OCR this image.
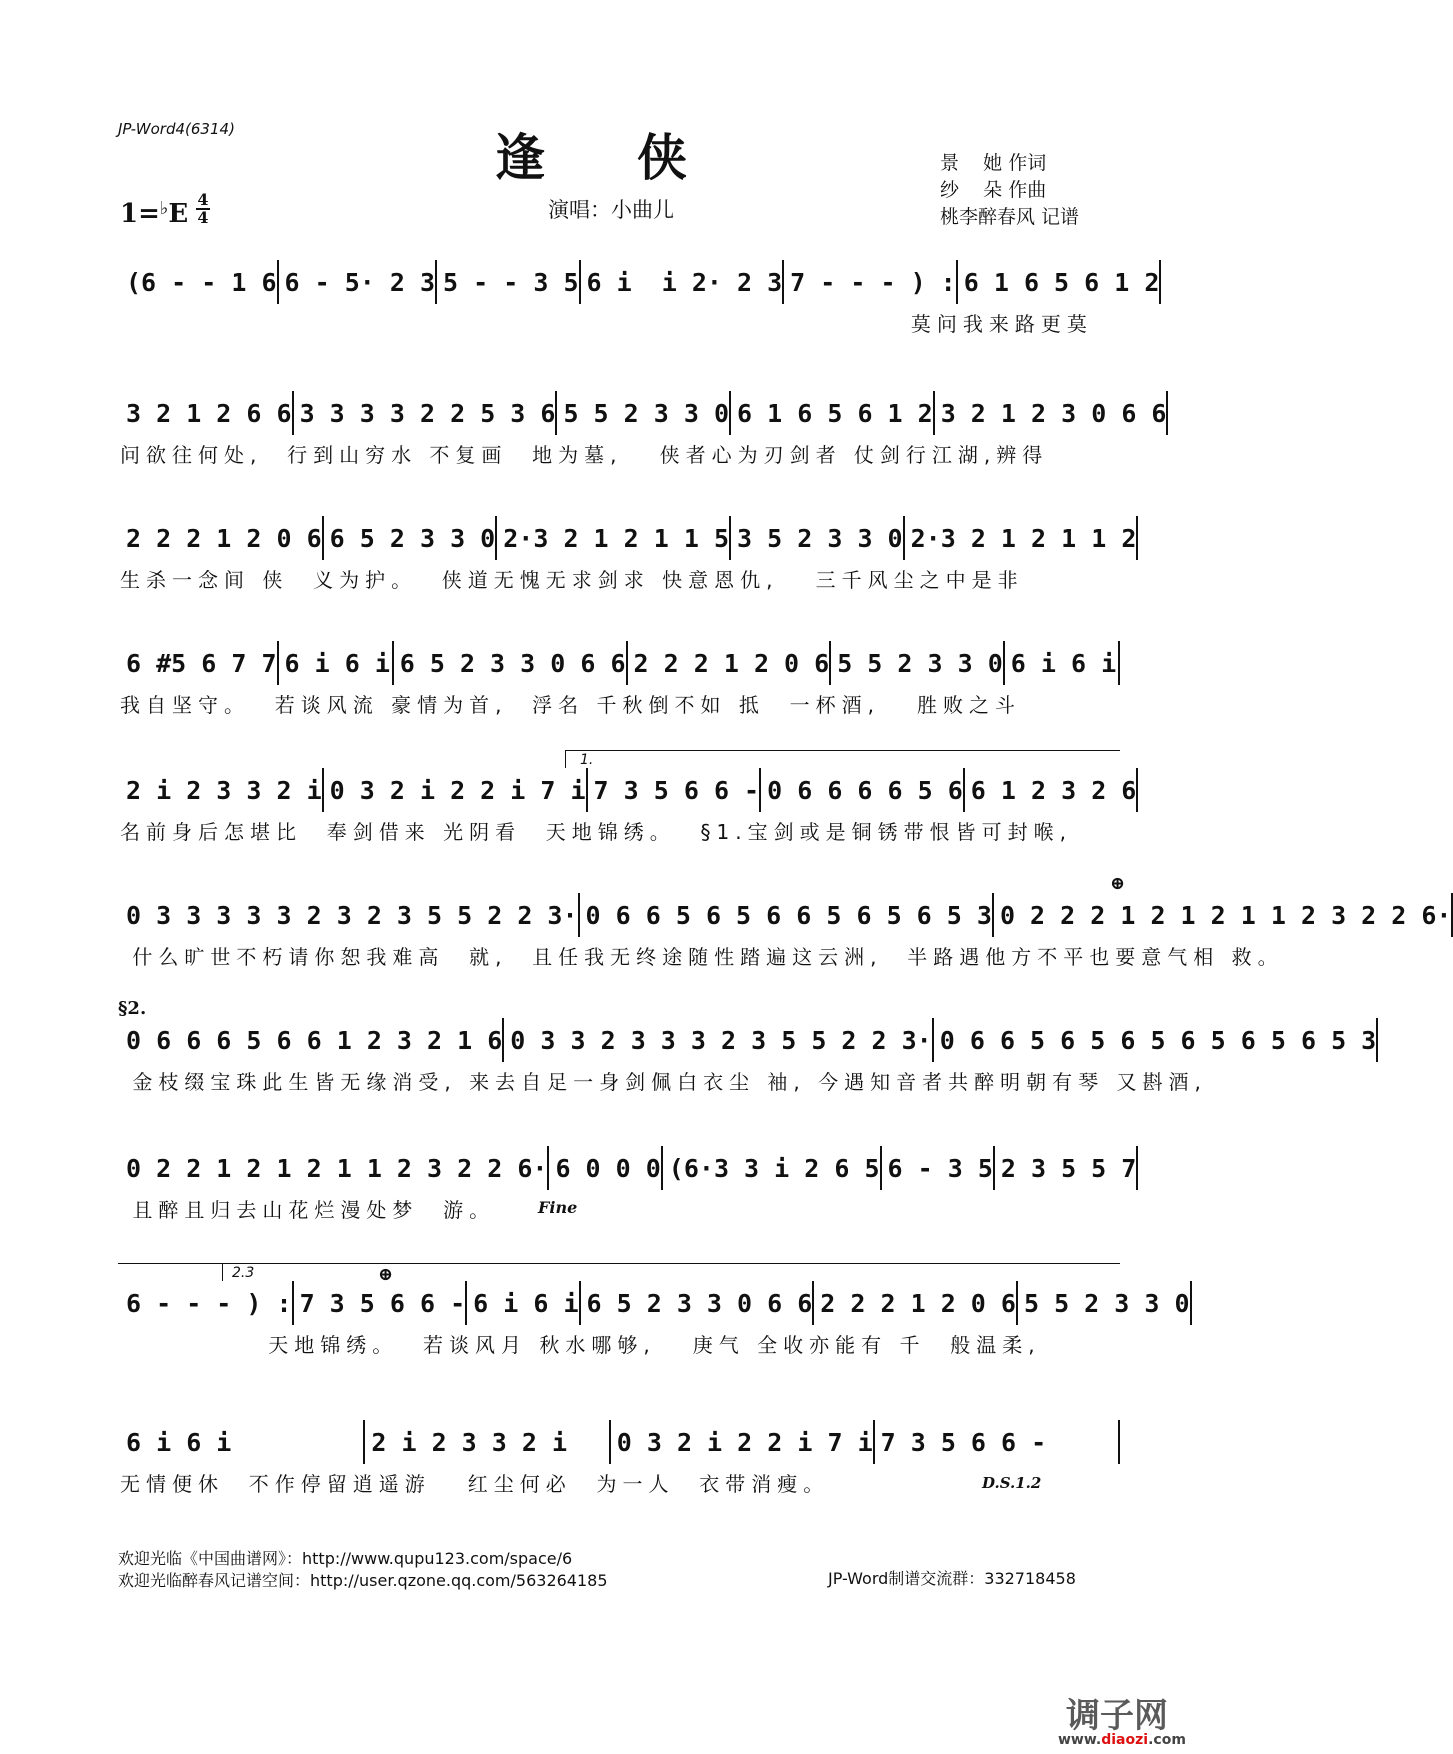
JP-Word4(6314)	逢侠
1=♭E 4
4	演唱：小曲儿
景    她 作词
纱    朵 作曲
桃李醉春风 记谱
(6 - - 1 6 6 - 5· 2 3 5 - - 3 5 6 i  i 2· 2 3 7 - - - ) : 6 1 6 5 6 1 2
莫问我来路更莫
3 2 1 2 6 6 3 3 3 3 2 2 5 3 6 5 5 2 3 3 0 6 1 6 5 6 1 2 3 2 1 2 3 0 6 6
问欲往何处,  行到山穷水 不复画  地为墓,   侠者心为刃剑者 仗剑行江湖,辨得
2 2 2 1 2 0 6 6 5 2 3 3 0 2·3 2 1 2 1 1 5 3 5 2 3 3 0 2·3 2 1 2 1 1 2
生杀一念间 侠  义为护。  侠道无愧无求剑求 快意恩仇,   三千风尘之中是非
6 #5 6 7 7 6 i 6 i 6 5 2 3 3 0 6 6 2 2 2 1 2 0 6 5 5 2 3 3 0 6 i 6 i
我自坚守。  若谈风流 豪情为首,  浮名 千秋倒不如 抵  一杯酒,   胜败之斗
2 i 2 3 3 2 i 0 3 2 i 2 2 i 7 i 7 3 5 6 6 - 0 6 6 6 6 5 6 6 1 2 3 2 6
名前身后怎堪比  奉剑借来 光阴看  天地锦绣。  §1.宝剑或是铜锈带恨皆可封喉,
0 3 3 3 3 3 2 3 2 3 5 5 2 2 3· 0 6 6 5 6 5 6 6 5 6 5 6 5 3 0 2 2 2 1 2 1 2 1 1 2 3 2 2 6·
什么旷世不朽请你恕我难高  就,  且任我无终途随性踏遍这云洲,  半路遇他方不平也要意气相 救。
0 6 6 6 5 6 6 1 2 3 2 1 6 0 3 3 2 3 3 3 2 3 5 5 2 2 3· 0 6 6 5 6 5 6 5 6 5 6 5 6 5 3
金枝缀宝珠此生皆无缘消受, 来去自足一身剑佩白衣尘 袖, 今遇知音者共醉明朝有琴 又斟酒,
0 2 2 1 2 1 2 1 1 2 3 2 2 6· 6 0 0 0 (6·3 3 i 2 6 5 6 - 3 5 2 3 5 5 7
且醉且归去山花烂漫处梦  游。	Fine
6 - - - ) : 7 3 5 6 6 - 6 i 6 i 6 5 2 3 3 0 6 6 2 2 2 1 2 0 6 5 5 2 3 3 0
天地锦绣。  若谈风月 秋水哪够,   庚气 全收亦能有 千  般温柔,
6 i 6 i	2 i 2 3 3 2 i	0 3 2 i 2 2 i 7 i 7 3 5 6 6 -
无情便休  不作停留逍遥游   红尘何必  为一人  衣带消瘦。	D.S.1.2
1.
2.3
§2.
⊕
⊕
欢迎光临《中国曲谱网》：http://www.qupu123.com/space/6
欢迎光临醉春风记谱空间：http://user.qzone.qq.com/563264185	JP-Word制谱交流群：332718458
调子网
www.diaozi.com
